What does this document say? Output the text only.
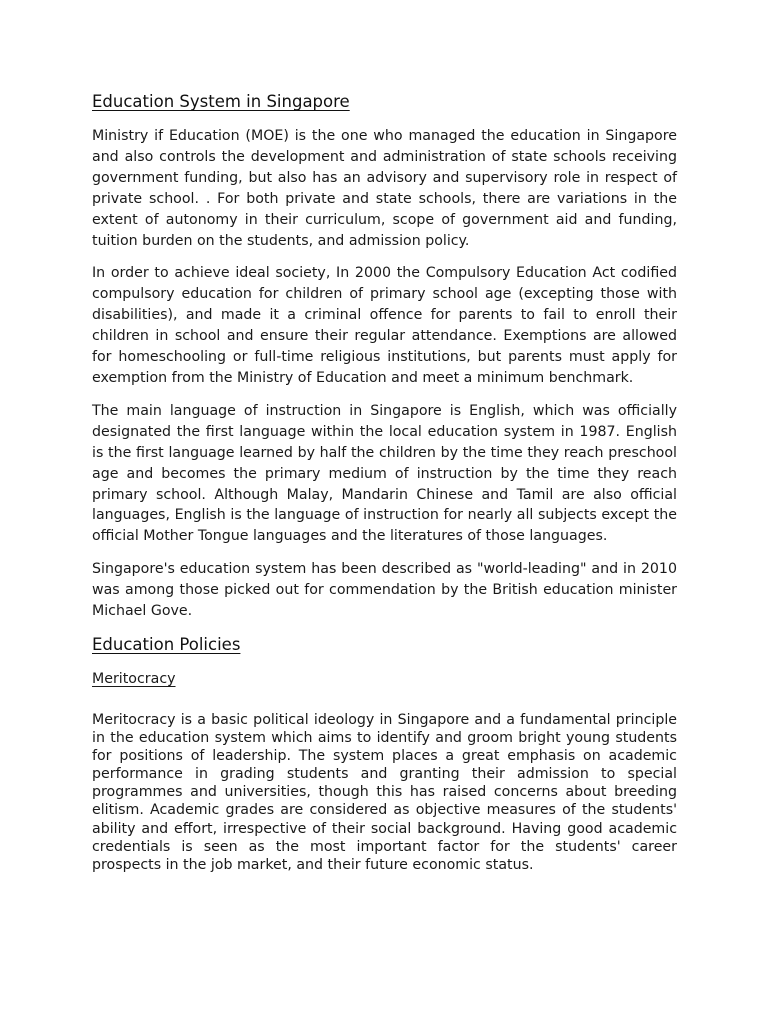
Education System in Singapore

Ministry if Education (MOE) is the one who managed the education in Singapore and also controls the development and administration of state schools receiving government funding, but also has an advisory and supervisory role in respect of private school. . For both private and state schools, there are variations in the extent of autonomy in their curriculum, scope of government aid and funding, tuition burden on the students, and admission policy.

In order to achieve ideal society, In 2000 the Compulsory Education Act codified compulsory education for children of primary school age (excepting those with disabilities), and made it a criminal offence for parents to fail to enroll their children in school and ensure their regular attendance. Exemptions are allowed for homeschooling or full-time religious institutions, but parents must apply for exemption from the Ministry of Education and meet a minimum benchmark.

The main language of instruction in Singapore is English, which was officially designated the first language within the local education system in 1987. English is the first language learned by half the children by the time they reach preschool age and becomes the primary medium of instruction by the time they reach primary school. Although Malay, Mandarin Chinese and Tamil are also official languages, English is the language of instruction for nearly all subjects except the official Mother Tongue languages and the literatures of those languages.

Singapore's education system has been described as "world-leading" and in 2010 was among those picked out for commendation by the British education minister Michael Gove.

Education Policies
Meritocracy

Meritocracy is a basic political ideology in Singapore and a fundamental principle in the education system which aims to identify and groom bright young students for positions of leadership. The system places a great emphasis on academic performance in grading students and granting their admission to special programmes and universities, though this has raised concerns about breeding elitism. Academic grades are considered as objective measures of the students' ability and effort, irrespective of their social background. Having good academic credentials is seen as the most important factor for the students' career prospects in the job market, and their future economic status.
